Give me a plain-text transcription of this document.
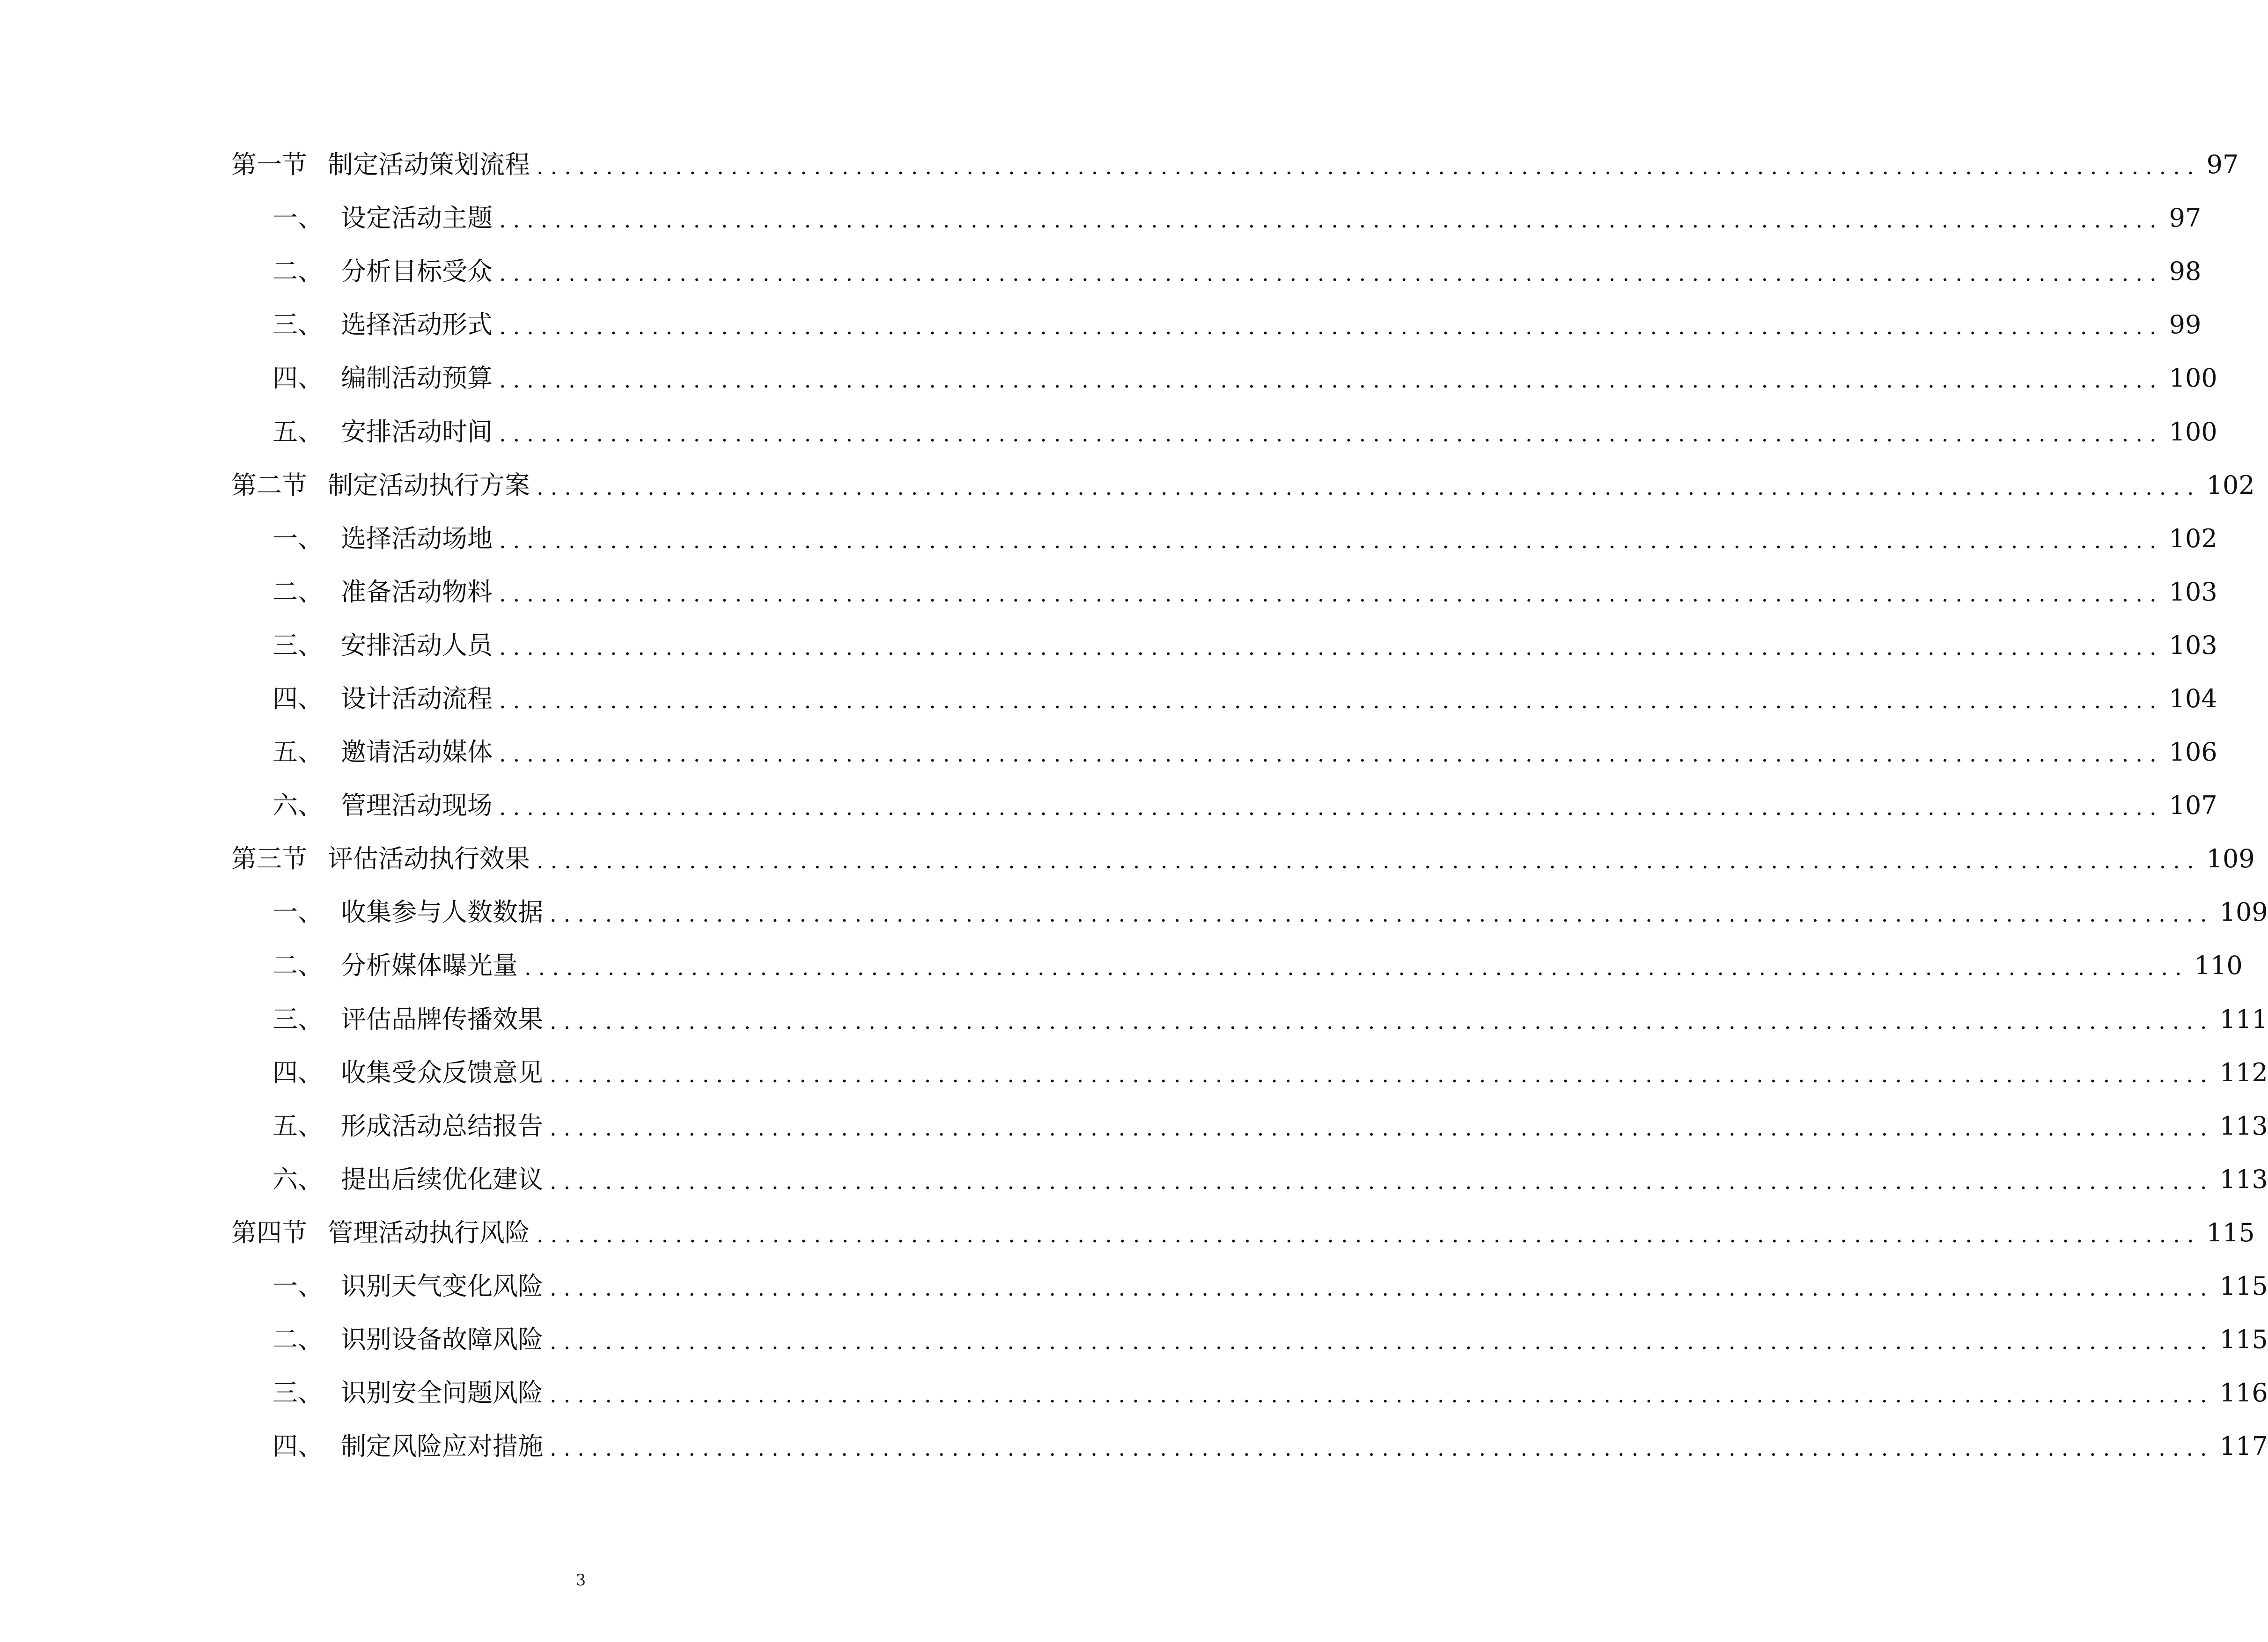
第一节 制定活动策划流程 ........................................................................................................................ 97
一、 设定活动主题 ........................................................................................................................ 97
二、 分析目标受众 ........................................................................................................................ 98
三、 选择活动形式 ........................................................................................................................ 99
四、 编制活动预算 ........................................................................................................................ 100
五、 安排活动时间 ........................................................................................................................ 100
第二节 制定活动执行方案 ........................................................................................................................ 102
一、 选择活动场地 ........................................................................................................................ 102
二、 准备活动物料 ........................................................................................................................ 103
三、 安排活动人员 ........................................................................................................................ 103
四、 设计活动流程 ........................................................................................................................ 104
五、 邀请活动媒体 ........................................................................................................................ 106
六、 管理活动现场 ........................................................................................................................ 107
第三节 评估活动执行效果 ........................................................................................................................ 109
一、 收集参与人数数据 ........................................................................................................................ 109
二、 分析媒体曝光量 ........................................................................................................................ 110
三、 评估品牌传播效果 ........................................................................................................................ 111
四、 收集受众反馈意见 ........................................................................................................................ 112
五、 形成活动总结报告 ........................................................................................................................ 113
六、 提出后续优化建议 ........................................................................................................................ 113
第四节 管理活动执行风险 ........................................................................................................................ 115
一、 识别天气变化风险 ........................................................................................................................ 115
二、 识别设备故障风险 ........................................................................................................................ 115
三、 识别安全问题风险 ........................................................................................................................ 116
四、 制定风险应对措施 ........................................................................................................................ 117
3
